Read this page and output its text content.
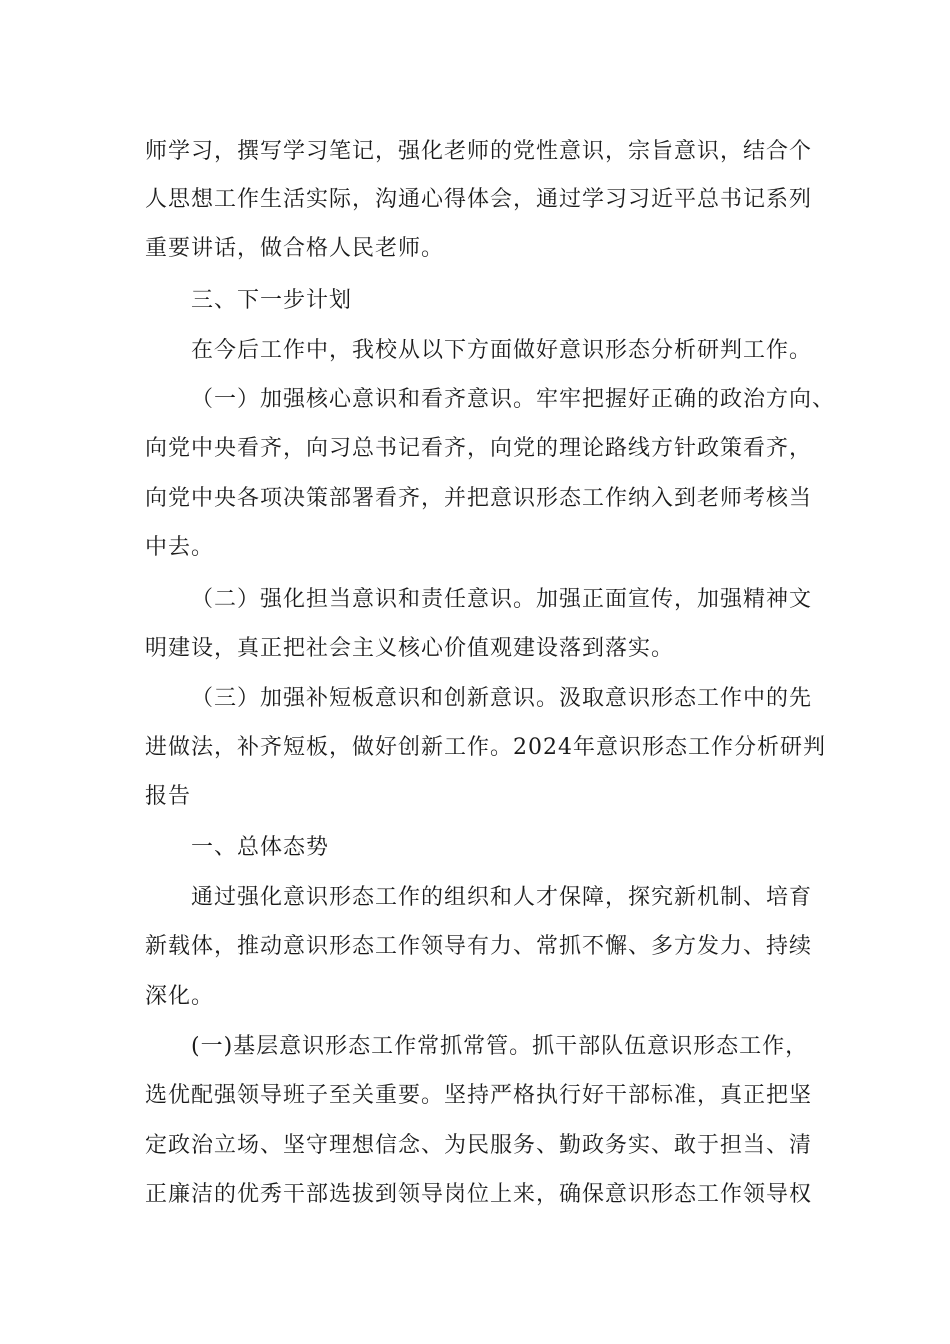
师学习，撰写学习笔记，强化老师的党性意识，宗旨意识，结合个
人思想工作生活实际，沟通心得体会，通过学习习近平总书记系列
重要讲话，做合格人民老师。
三、下一步计划
在今后工作中，我校从以下方面做好意识形态分析研判工作。
（一）加强核心意识和看齐意识。牢牢把握好正确的政治方向、
向党中央看齐，向习总书记看齐，向党的理论路线方针政策看齐，
向党中央各项决策部署看齐，并把意识形态工作纳入到老师考核当
中去。
（二）强化担当意识和责任意识。加强正面宣传，加强精神文
明建设，真正把社会主义核心价值观建设落到落实。
（三）加强补短板意识和创新意识。汲取意识形态工作中的先
进做法，补齐短板，做好创新工作。2024年意识形态工作分析研判
报告
一、总体态势
通过强化意识形态工作的组织和人才保障，探究新机制、培育
新载体，推动意识形态工作领导有力、常抓不懈、多方发力、持续
深化。
(一)基层意识形态工作常抓常管。抓干部队伍意识形态工作，
选优配强领导班子至关重要。坚持严格执行好干部标准，真正把坚
定政治立场、坚守理想信念、为民服务、勤政务实、敢于担当、清
正廉洁的优秀干部选拔到领导岗位上来，确保意识形态工作领导权
